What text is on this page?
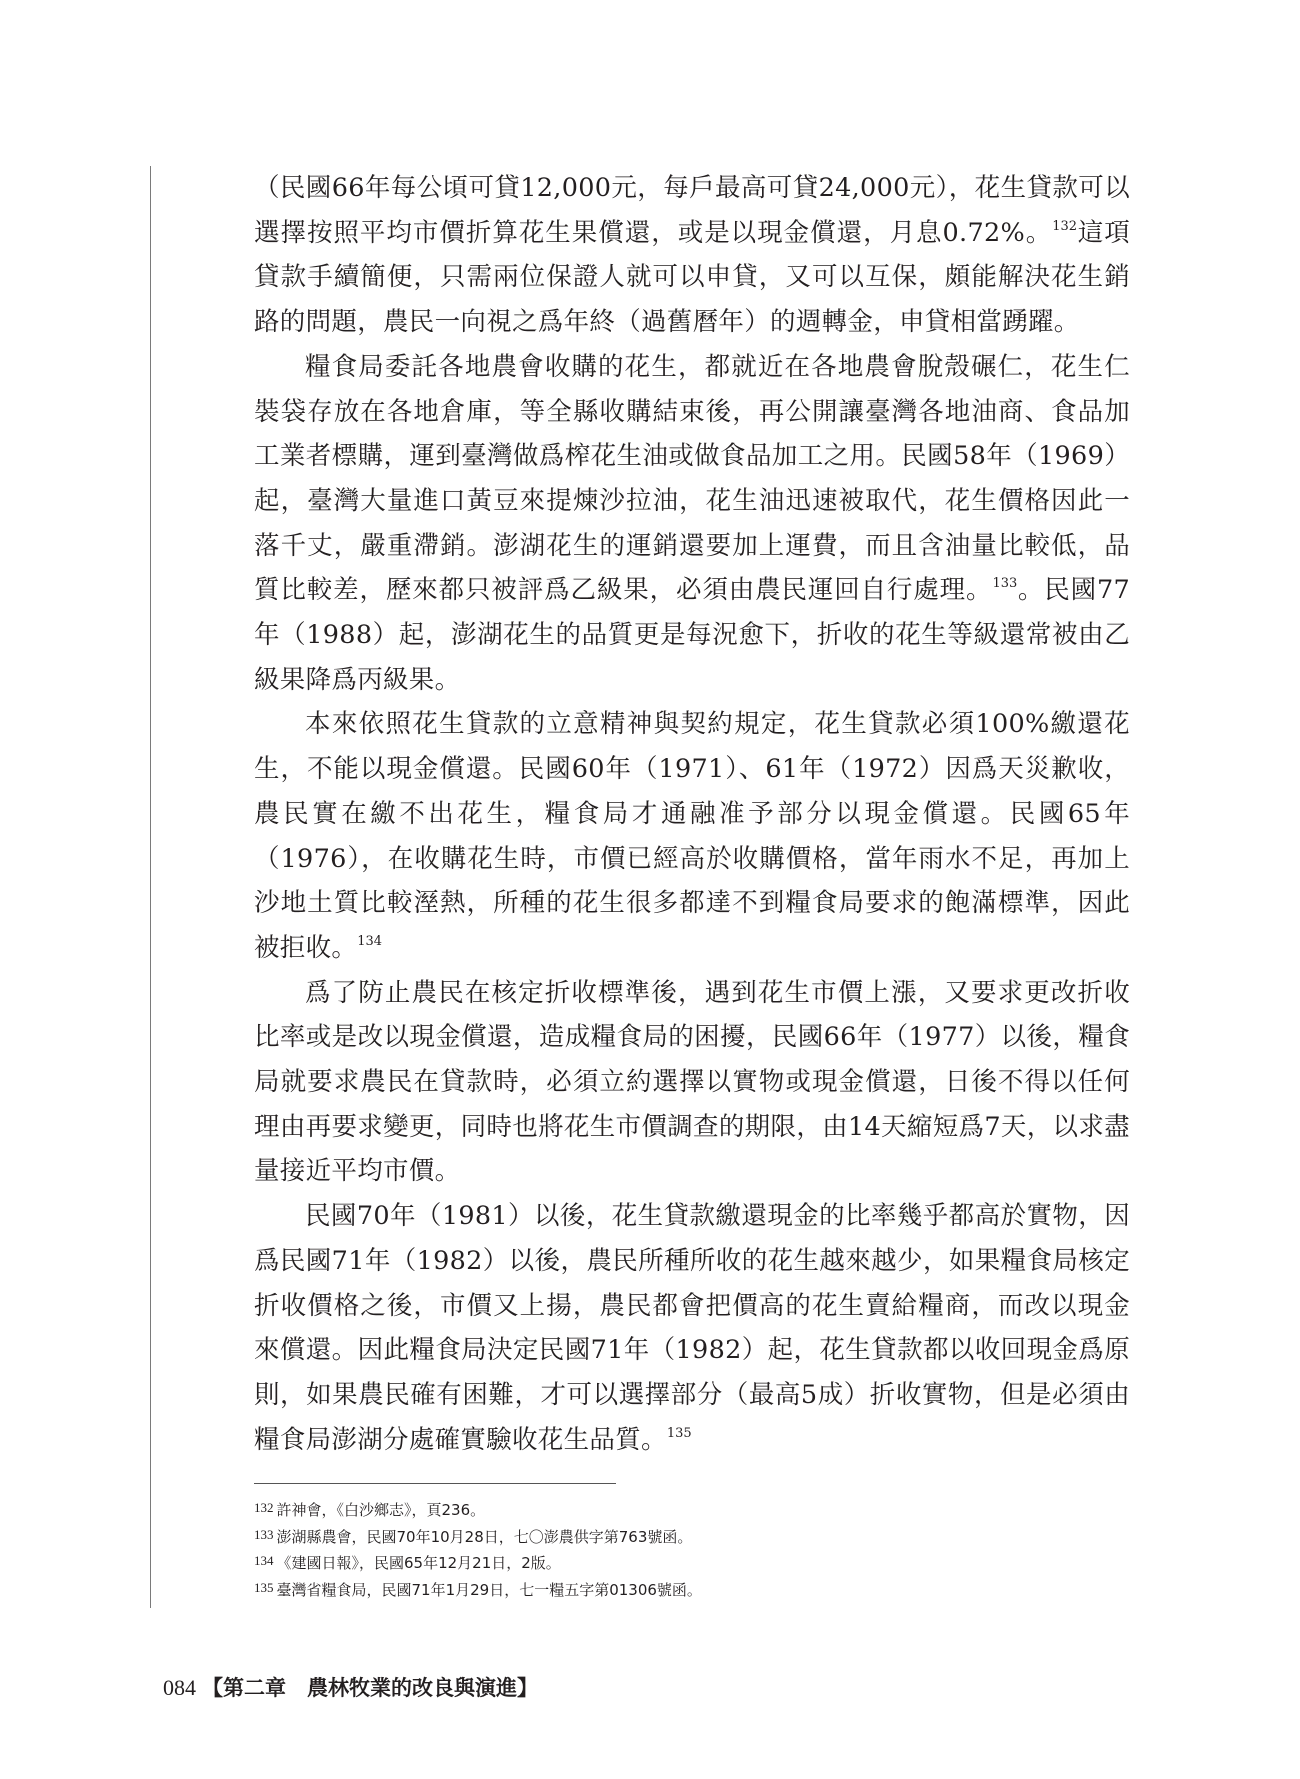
（民國66年每公頃可貸12,000元，每戶最高可貸24,000元），花生貸款可以選擇按照平均市價折算花生果償還，或是以現金償還，月息0.72%。$^{132}$這項貸款手續簡便，只需兩位保證人就可以申貸，又可以互保，頗能解決花生銷路的問題，農民一向視之爲年終（過舊曆年）的週轉金，申貸相當踴躍。

糧食局委託各地農會收購的花生，都就近在各地農會脫殼碾仁，花生仁裝袋存放在各地倉庫，等全縣收購結束後，再公開讓臺灣各地油商、食品加工業者標購，運到臺灣做爲榨花生油或做食品加工之用。民國58年（1969）起，臺灣大量進口黃豆來提煉沙拉油，花生油迅速被取代，花生價格因此一落千丈，嚴重滯銷。澎湖花生的運銷還要加上運費，而且含油量比較低，品質比較差，歷來都只被評爲乙級果，必須由農民運回自行處理。$^{133}$。民國77年（1988）起，澎湖花生的品質更是每況愈下，折收的花生等級還常被由乙級果降爲丙級果。

本來依照花生貸款的立意精神與契約規定，花生貸款必須100%繳還花生，不能以現金償還。民國60年（1971）、61年（1972）因爲天災歉收，農民實在繳不出花生，糧食局才通融准予部分以現金償還。民國65年（1976），在收購花生時，市價已經高於收購價格，當年雨水不足，再加上沙地土質比較溼熱，所種的花生很多都達不到糧食局要求的飽滿標準，因此被拒收。$^{134}$

爲了防止農民在核定折收標準後，遇到花生市價上漲，又要求更改折收比率或是改以現金償還，造成糧食局的困擾，民國66年（1977）以後，糧食局就要求農民在貸款時，必須立約選擇以實物或現金償還，日後不得以任何理由再要求變更，同時也將花生市價調查的期限，由14天縮短爲7天，以求盡量接近平均市價。

民國70年（1981）以後，花生貸款繳還現金的比率幾乎都高於實物，因爲民國71年（1982）以後，農民所種所收的花生越來越少，如果糧食局核定折收價格之後，市價又上揚，農民都會把價高的花生賣給糧商，而改以現金來償還。因此糧食局決定民國71年（1982）起，花生貸款都以收回現金爲原則，如果農民確有困難，才可以選擇部分（最高5成）折收實物，但是必須由糧食局澎湖分處確實驗收花生品質。$^{135}$

132 許神會，《白沙鄉志》，頁236。

133 澎湖縣農會，民國70年10月28日，七〇澎農供字第763號函。

134 《建國日報》，民國65年12月21日，2版。

135 臺灣省糧食局，民國71年1月29日，七一糧五字第01306號函。

084 【第二章　農林牧業的改良與演進】
